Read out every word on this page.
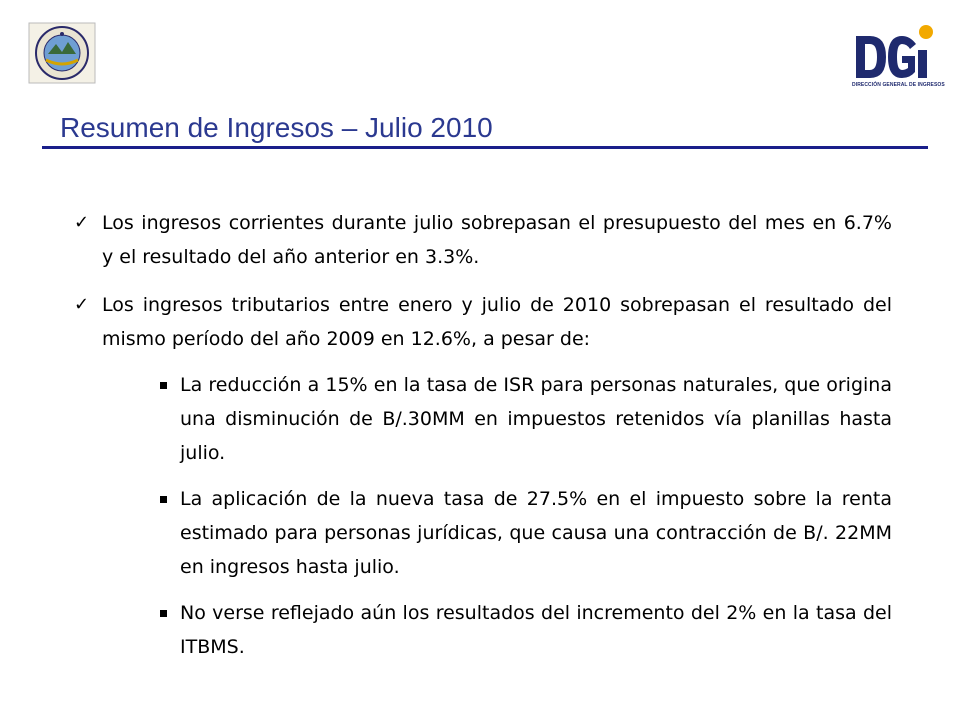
DIRECCIÓN GENERAL DE INGRESOS
Resumen de Ingresos – Julio 2010
✓ Los ingresos corrientes durante julio sobrepasan el presupuesto del mes en 6.7% y el resultado del año anterior en 3.3%.
✓ Los ingresos tributarios entre enero y julio de 2010 sobrepasan el resultado del mismo período del año 2009 en 12.6%, a pesar de:
La reducción a 15% en la tasa de ISR para personas naturales, que origina una disminución de B/.30MM en impuestos retenidos vía planillas hasta julio.
La aplicación de la nueva tasa de 27.5% en el impuesto sobre la renta estimado para personas jurídicas, que causa una contracción de B/. 22MM en ingresos hasta julio.
No verse reflejado aún los resultados del incremento del 2% en la tasa del ITBMS.
